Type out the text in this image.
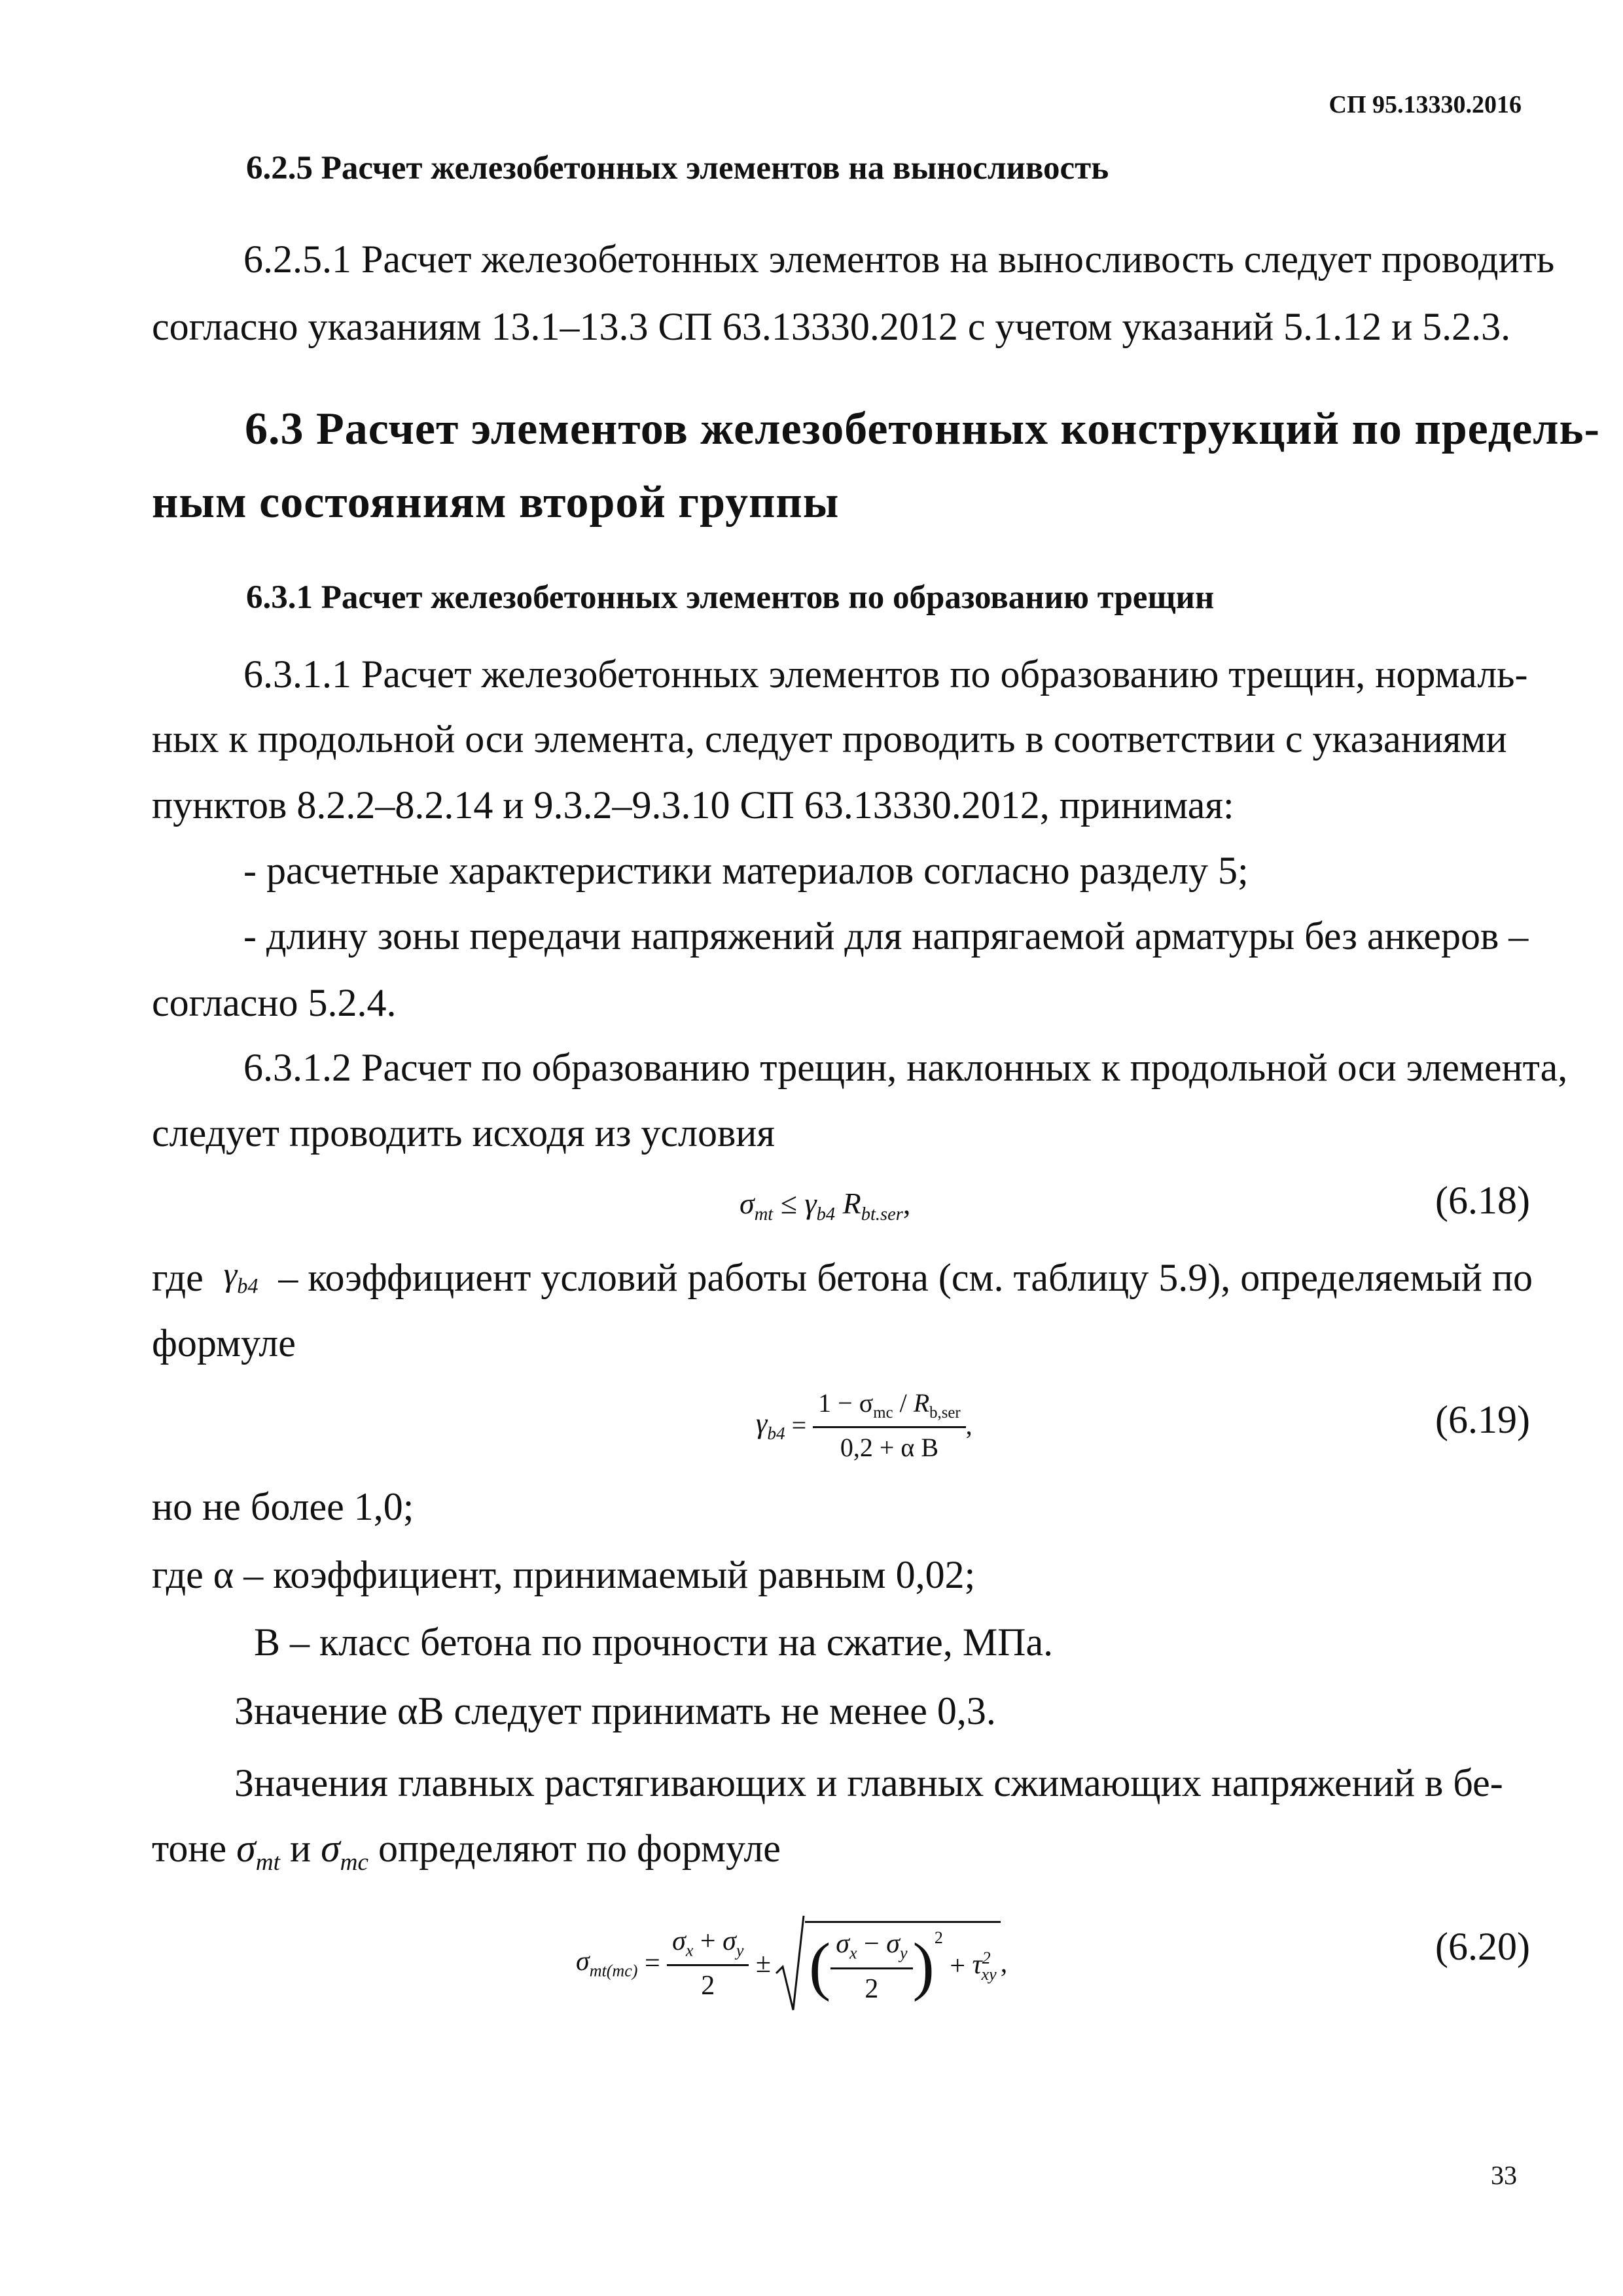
СП 95.13330.2016
6.2.5 Расчет железобетонных элементов на выносливость
6.2.5.1 Расчет железобетонных элементов на выносливость следует проводить
согласно указаниям 13.1–13.3 СП 63.13330.2012 с учетом указаний 5.1.12 и 5.2.3.
6.3 Расчет элементов железобетонных конструкций по предель-
ным состояниям второй группы
6.3.1 Расчет железобетонных элементов по образованию трещин
6.3.1.1 Расчет железобетонных элементов по образованию трещин, нормаль-
ных к продольной оси элемента, следует проводить в соответствии с указаниями
пунктов 8.2.2–8.2.14 и 9.3.2–9.3.10 СП 63.13330.2012, принимая:
- расчетные характеристики материалов согласно разделу 5;
- длину зоны передачи напряжений для напрягаемой арматуры без анкеров –
согласно 5.2.4.
6.3.1.2 Расчет по образованию трещин, наклонных к продольной оси элемента,
следует проводить исходя из условия
$\sigma_{mt} \le \gamma_{b4}$ $R_{bt.ser}$,	(6.18)
где $\gamma_{b4}$ – коэффициент условий работы бетона (см. таблицу 5.9), определяемый по
формуле
$\gamma_{b4} = \frac{1 - \sigma_{mc} / R_{b,ser}}{\text{0,2 + α B}}$ ,	(6.19)
но не более 1,0;
где α – коэффициент, принимаемый равным 0,02;
В – класс бетона по прочности на сжатие, МПа.
Значение αВ следует принимать не менее 0,3.
Значения главных растягивающих и главных сжимающих напряжений в бе-
тоне $\sigma_{mt}$ и $\sigma_{mc}$ определяют по формуле
$\sigma_{mt(mc)} = \frac{\sigma_x + \sigma_y}{2}$ ± ( $\frac{\sigma_x - \sigma_y}{2} )^2$
+ $\tau^2_{xy}$ ,	(6.20)
33
